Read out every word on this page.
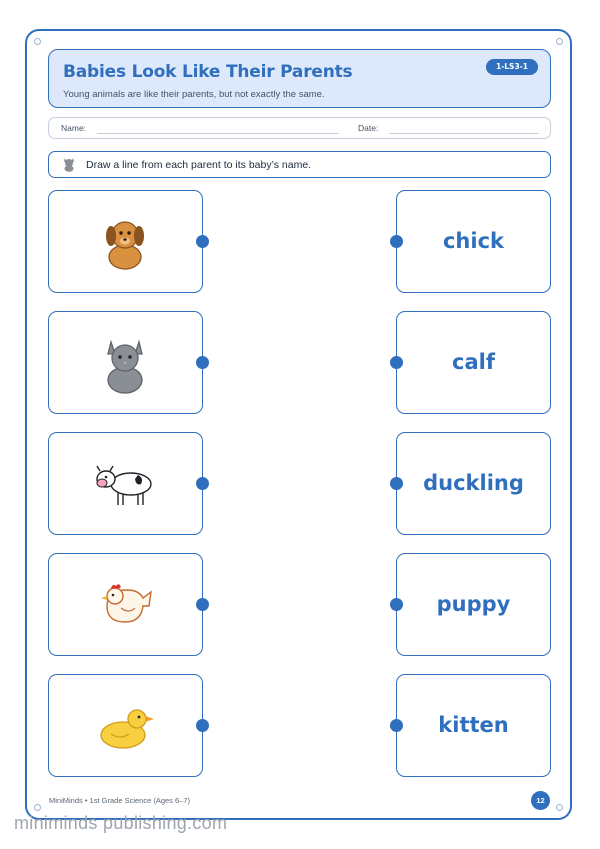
Babies Look Like Their Parents
Young animals are like their parents, but not exactly the same.
1-LS3-1
Name:	Date:
Draw a line from each parent to its baby’s name.
chick
calf
duckling
puppy
kitten
MiniMinds • 1st Grade Science (Ages 6–7)	12
miniminds publishing.com
